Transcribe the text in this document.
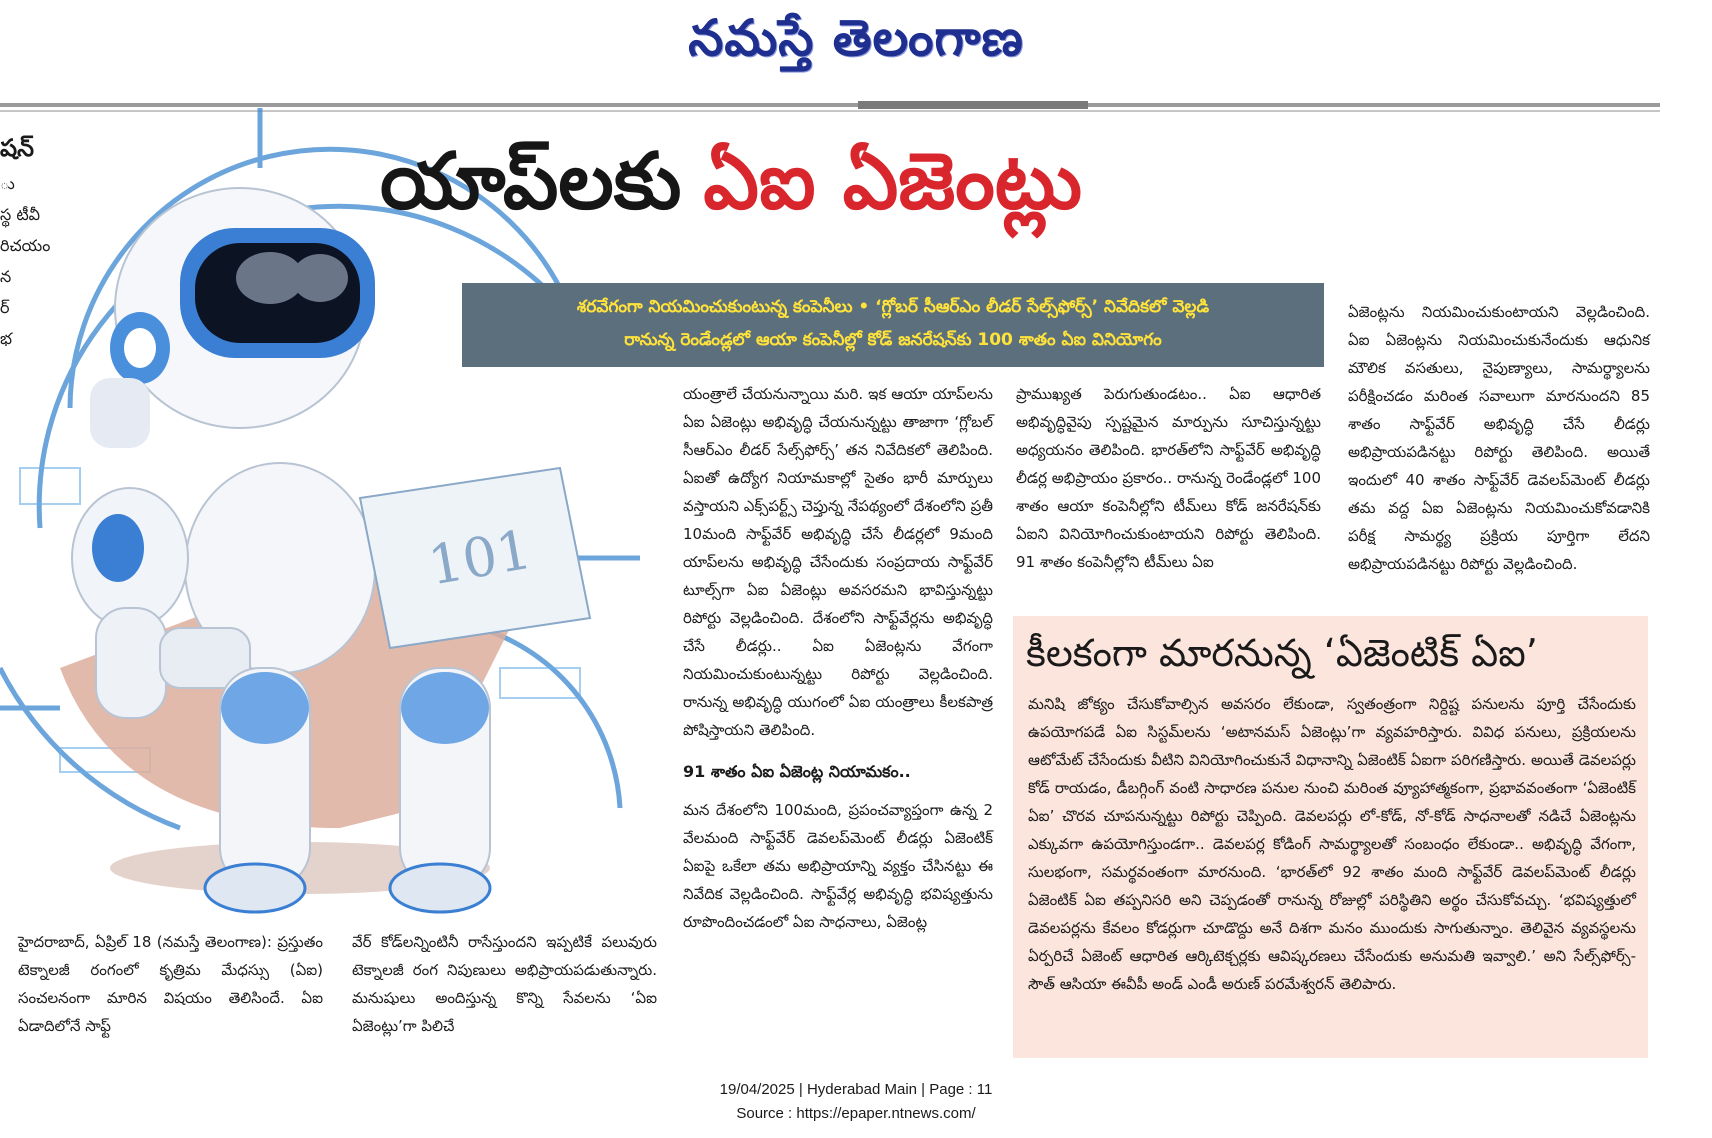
నమస్తే తెలంగాణ
షన్
ు
స్థ టీవీ
రిచయం
న
ర్
భ
101
యాప్‌లకు ఏఐ ఏజెంట్లు
శరవేగంగా నియమించుకుంటున్న కంపెనీలు • ‘గ్లోబర్ సీఆర్ఎం లీడర్ సేల్స్‌ఫోర్స్’ నివేదికలో వెల్లడి
రానున్న రెండేండ్లలో ఆయా కంపెనీల్లో కోడ్ జనరేషన్‌కు 100 శాతం ఏఐ వినియోగం

హైదరాబాద్, ఏప్రిల్ 18 (నమస్తే తెలంగాణ): ప్రస్తుతం టెక్నాలజీ రంగంలో కృత్రిమ మేధస్సు (ఏఐ) సంచలనంగా మారిన విషయం తెలిసిందే. ఏఐ ఏడాదిలోనే సాఫ్ట్

వేర్ కోడ్‌లన్నింటినీ రాసేస్తుందని ఇప్పటికే పలువురు టెక్నాలజీ రంగ నిపుణులు అభిప్రాయపడుతున్నారు. మనుషులు అందిస్తున్న కొన్ని సేవలను ‘ఏఐ ఏజెంట్లు’గా పిలిచే

యంత్రాలే చేయనున్నాయి మరి. ఇక ఆయా యాప్‌లను ఏఐ ఏజెంట్లు అభివృద్ధి చేయనున్నట్టు తాజాగా ‘గ్లోబల్ సీఆర్ఎం లీడర్ సేల్స్‌ఫోర్స్’ తన నివేదికలో తెలిపింది. ఏఐతో ఉద్యోగ నియామకాల్లో సైతం భారీ మార్పులు వస్తాయని ఎక్స్‌పర్ట్స్ చెప్తున్న నేపథ్యంలో దేశంలోని ప్రతీ 10మంది సాఫ్ట్‌వేర్ అభివృద్ధి చేసే లీడర్లలో 9మంది యాప్‌లను అభివృద్ధి చేసేందుకు సంప్రదాయ సాఫ్ట్‌వేర్ టూల్స్‌గా ఏఐ ఏజెంట్లు అవసరమని భావిస్తున్నట్టు రిపోర్టు వెల్లడించింది. దేశంలోని సాఫ్ట్‌వేర్లను అభివృద్ధి చేసే లీడర్లు.. ఏఐ ఏజెంట్లను వేగంగా నియమించుకుంటున్నట్టు రిపోర్టు వెల్లడించింది. రానున్న అభివృద్ధి యుగంలో ఏఐ యంత్రాలు కీలకపాత్ర పోషిస్తాయని తెలిపింది.

91 శాతం ఏఐ ఏజెంట్ల నియామకం..

మన దేశంలోని 100మంది, ప్రపంచవ్యాప్తంగా ఉన్న 2 వేలమంది సాఫ్ట్‌వేర్ డెవలప్‌మెంట్ లీడర్లు ఏజెంటిక్ ఏఐపై ఒకేలా తమ అభిప్రాయాన్ని వ్యక్తం చేసినట్టు ఈ నివేదిక వెల్లడించింది. సాఫ్ట్‌వేర్ల అభివృద్ధి భవిష్యత్తును రూపొందించడంలో ఏఐ సాధనాలు, ఏజెంట్ల

ప్రాముఖ్యత పెరుగుతుండటం.. ఏఐ ఆధారిత అభివృద్ధివైపు స్పష్టమైన మార్పును సూచిస్తున్నట్టు అధ్యయనం తెలిపింది. భారత్‌లోని సాఫ్ట్‌వేర్ అభివృద్ధి లీడర్ల అభిప్రాయం ప్రకారం.. రానున్న రెండేండ్లలో 100 శాతం ఆయా కంపెనీల్లోని టీమ్‌లు కోడ్ జనరేషన్‌కు ఏఐని వినియోగించుకుంటాయని రిపోర్టు తెలిపింది. 91 శాతం కంపెనీల్లోని టీమ్‌లు ఏఐ

ఏజెంట్లను నియమించుకుంటాయని వెల్లడించింది. ఏఐ ఏజెంట్లను నియమించుకునేందుకు ఆధునిక మౌలిక వసతులు, నైపుణ్యాలు, సామర్థ్యాలను పరీక్షించడం మరింత సవాలుగా మారనుందని 85 శాతం సాఫ్ట్‌వేర్ అభివృద్ధి చేసే లీడర్లు అభిప్రాయపడినట్టు రిపోర్టు తెలిపింది. అయితే ఇందులో 40 శాతం సాఫ్ట్‌వేర్ డెవలప్‌మెంట్ లీడర్లు తమ వద్ద ఏఐ ఏజెంట్లను నియమించుకోవడానికి పరీక్ష సామర్థ్య ప్రక్రియ పూర్తిగా లేదని అభిప్రాయపడినట్టు రిపోర్టు వెల్లడించింది.

కీలకంగా మారనున్న ‘ఏజెంటిక్ ఏఐ’
మనిషి జోక్యం చేసుకోవాల్సిన అవసరం లేకుండా, స్వతంత్రంగా నిర్దిష్ట పనులను పూర్తి చేసేందుకు ఉపయోగపడే ఏఐ సిస్టమ్‌లను ‘అటానమస్ ఏజెంట్లు’గా వ్యవహరిస్తారు. వివిధ పనులు, ప్రక్రియలను ఆటోమేట్ చేసేందుకు వీటిని వినియోగించుకునే విధానాన్ని ఏజెంటిక్ ఏఐగా పరిగణిస్తారు. అయితే డెవలపర్లు కోడ్ రాయడం, డీబగ్గింగ్ వంటి సాధారణ పనుల నుంచి మరింత వ్యూహాత్మకంగా, ప్రభావవంతంగా ‘ఏజెంటిక్ ఏఐ’ చొరవ చూపనున్నట్టు రిపోర్టు చెప్పింది. డెవలపర్లు లో-కోడ్, నో-కోడ్ సాధనాలతో నడిచే ఏజెంట్లను ఎక్కువగా ఉపయోగిస్తుండగా.. డెవలపర్ల కోడింగ్ సామర్థ్యాలతో సంబంధం లేకుండా.. అభివృద్ధి వేగంగా, సులభంగా, సమర్థవంతంగా మారనుంది. ‘భారత్‌లో 92 శాతం మంది సాఫ్ట్‌వేర్ డెవలప్‌మెంట్ లీడర్లు ఏజెంటిక్ ఏఐ తప్పనిసరి అని చెప్పడంతో రానున్న రోజుల్లో పరిస్థితిని అర్థం చేసుకోవచ్చు. ‘భవిష్యత్తులో డెవలపర్లను కేవలం కోడర్లుగా చూడొద్దు అనే దిశగా మనం ముందుకు సాగుతున్నాం. తెలివైన వ్యవస్థలను ఏర్పరిచే ఏజెంట్ ఆధారిత ఆర్కిటెక్చర్లకు ఆవిష్కరణలు చేసేందుకు అనుమతి ఇవ్వాలి.’ అని సేల్స్‌ఫోర్స్-సౌత్ ఆసియా ఈవీపీ అండ్ ఎండీ అరుణ్ పరమేశ్వరన్ తెలిపారు.
19/04/2025 | Hyderabad Main | Page : 11
Source : https://epaper.ntnews.com/
